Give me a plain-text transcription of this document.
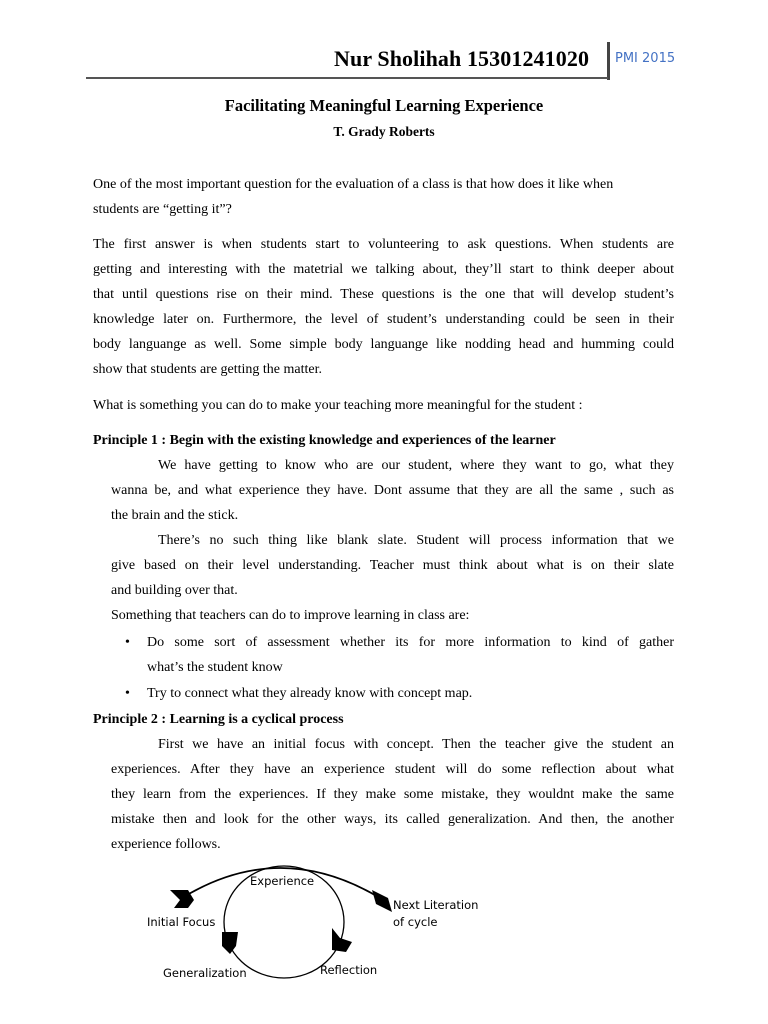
Nur Sholihah 15301241020 PMI 2015
Facilitating Meaningful Learning Experience
T. Grady Roberts
One of the most important question for the evaluation of a class is that how does it like when
students are “getting it”?
The first answer is when students start to volunteering to ask questions. When students are
getting and interesting with the matetrial we talking about, they’ll start to think deeper about
that until questions rise on their mind. These questions is the one that will develop student’s
knowledge later on. Furthermore, the level of student’s understanding could be seen in their
body languange as well. Some simple body languange like nodding head and humming could
show that students are getting the matter.
What is something you can do to make your teaching more meaningful for the student :
Principle 1 : Begin with the existing knowledge and experiences of the learner
We have getting to know who are our student, where they want to go, what they
wanna be, and what experience they have. Dont assume that they are all the same , such as
the brain and the stick.
There’s no such thing like blank slate. Student will process information that we
give based on their level understanding. Teacher must think about what is on their slate
and building over that.
Something that teachers can do to improve learning in class are:
• Do some sort of assessment whether its for more information to kind of gather
what’s the student know
• Try to connect what they already know with concept map.
Principle 2 : Learning is a cyclical process
First we have an initial focus with concept. Then the teacher give the student an
experiences. After they have an experience student will do some reflection about what
they learn from the experiences. If they make some mistake, they wouldnt make the same
mistake then and look for the other ways, its called generalization. And then, the another
experience follows.
Experience
Next Literation
of cycle
Initial Focus
Generalization	Reflection
